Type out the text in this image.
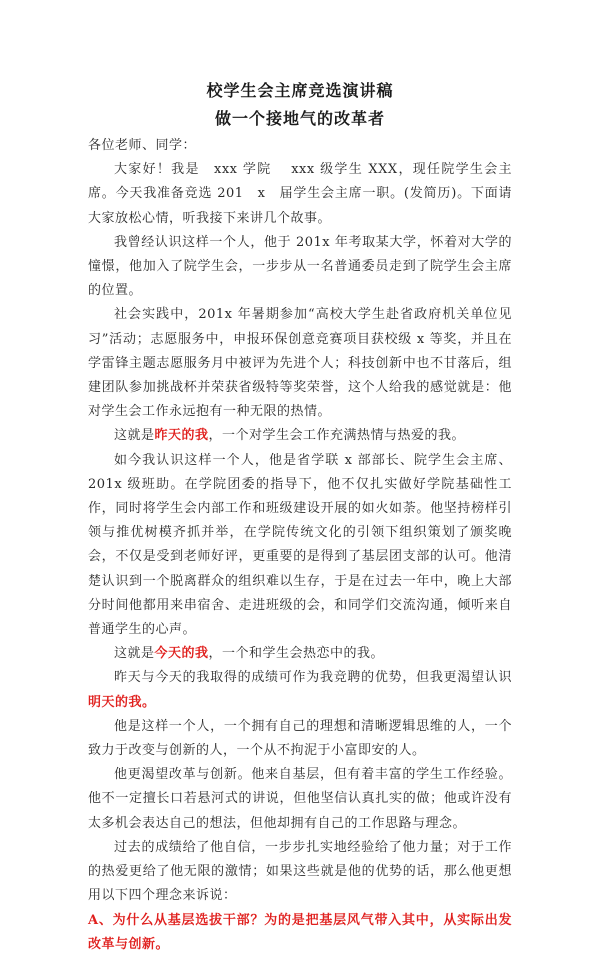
校学生会主席竞选演讲稿
做一个接地气的改革者

各位老师、同学：

大家好！我是　xxx 学院　 xxx 级学生 XXX，现任院学生会主席。今天我准备竞选 201　x　届学生会主席一职。(发简历)。下面请大家放松心情，听我接下来讲几个故事。

我曾经认识这样一个人，他于 201x 年考取某大学，怀着对大学的憧憬，他加入了院学生会，一步步从一名普通委员走到了院学生会主席的位置。

社会实践中，201x 年暑期参加“高校大学生赴省政府机关单位见习”活动；志愿服务中，申报环保创意竞赛项目获校级 x 等奖，并且在学雷锋主题志愿服务月中被评为先进个人；科技创新中也不甘落后，组建团队参加挑战杯并荣获省级特等奖荣誉，这个人给我的感觉就是：他对学生会工作永远抱有一种无限的热情。

这就是昨天的我，一个对学生会工作充满热情与热爱的我。

如今我认识这样一个人，他是省学联 x 部部长、院学生会主席、201x 级班助。在学院团委的指导下，他不仅扎实做好学院基础性工作，同时将学生会内部工作和班级建设开展的如火如荼。他坚持榜样引领与推优树模齐抓并举，在学院传统文化的引领下组织策划了颁奖晚会，不仅是受到老师好评，更重要的是得到了基层团支部的认可。他清楚认识到一个脱离群众的组织难以生存，于是在过去一年中，晚上大部分时间他都用来串宿舍、走进班级的会，和同学们交流沟通，倾听来自普通学生的心声。

这就是今天的我，一个和学生会热恋中的我。

昨天与今天的我取得的成绩可作为我竞聘的优势，但我更渴望认识明天的我。

他是这样一个人，一个拥有自己的理想和清晰逻辑思维的人，一个致力于改变与创新的人，一个从不拘泥于小富即安的人。

他更渴望改革与创新。他来自基层，但有着丰富的学生工作经验。他不一定擅长口若悬河式的讲说，但他坚信认真扎实的做；他或许没有太多机会表达自己的想法，但他却拥有自己的工作思路与理念。

过去的成绩给了他自信，一步步扎实地经验给了他力量；对于工作的热爱更给了他无限的激情；如果这些就是他的优势的话，那么他更想用以下四个理念来诉说：

A、为什么从基层选拔干部？为的是把基层风气带入其中，从实际出发改革与创新。
